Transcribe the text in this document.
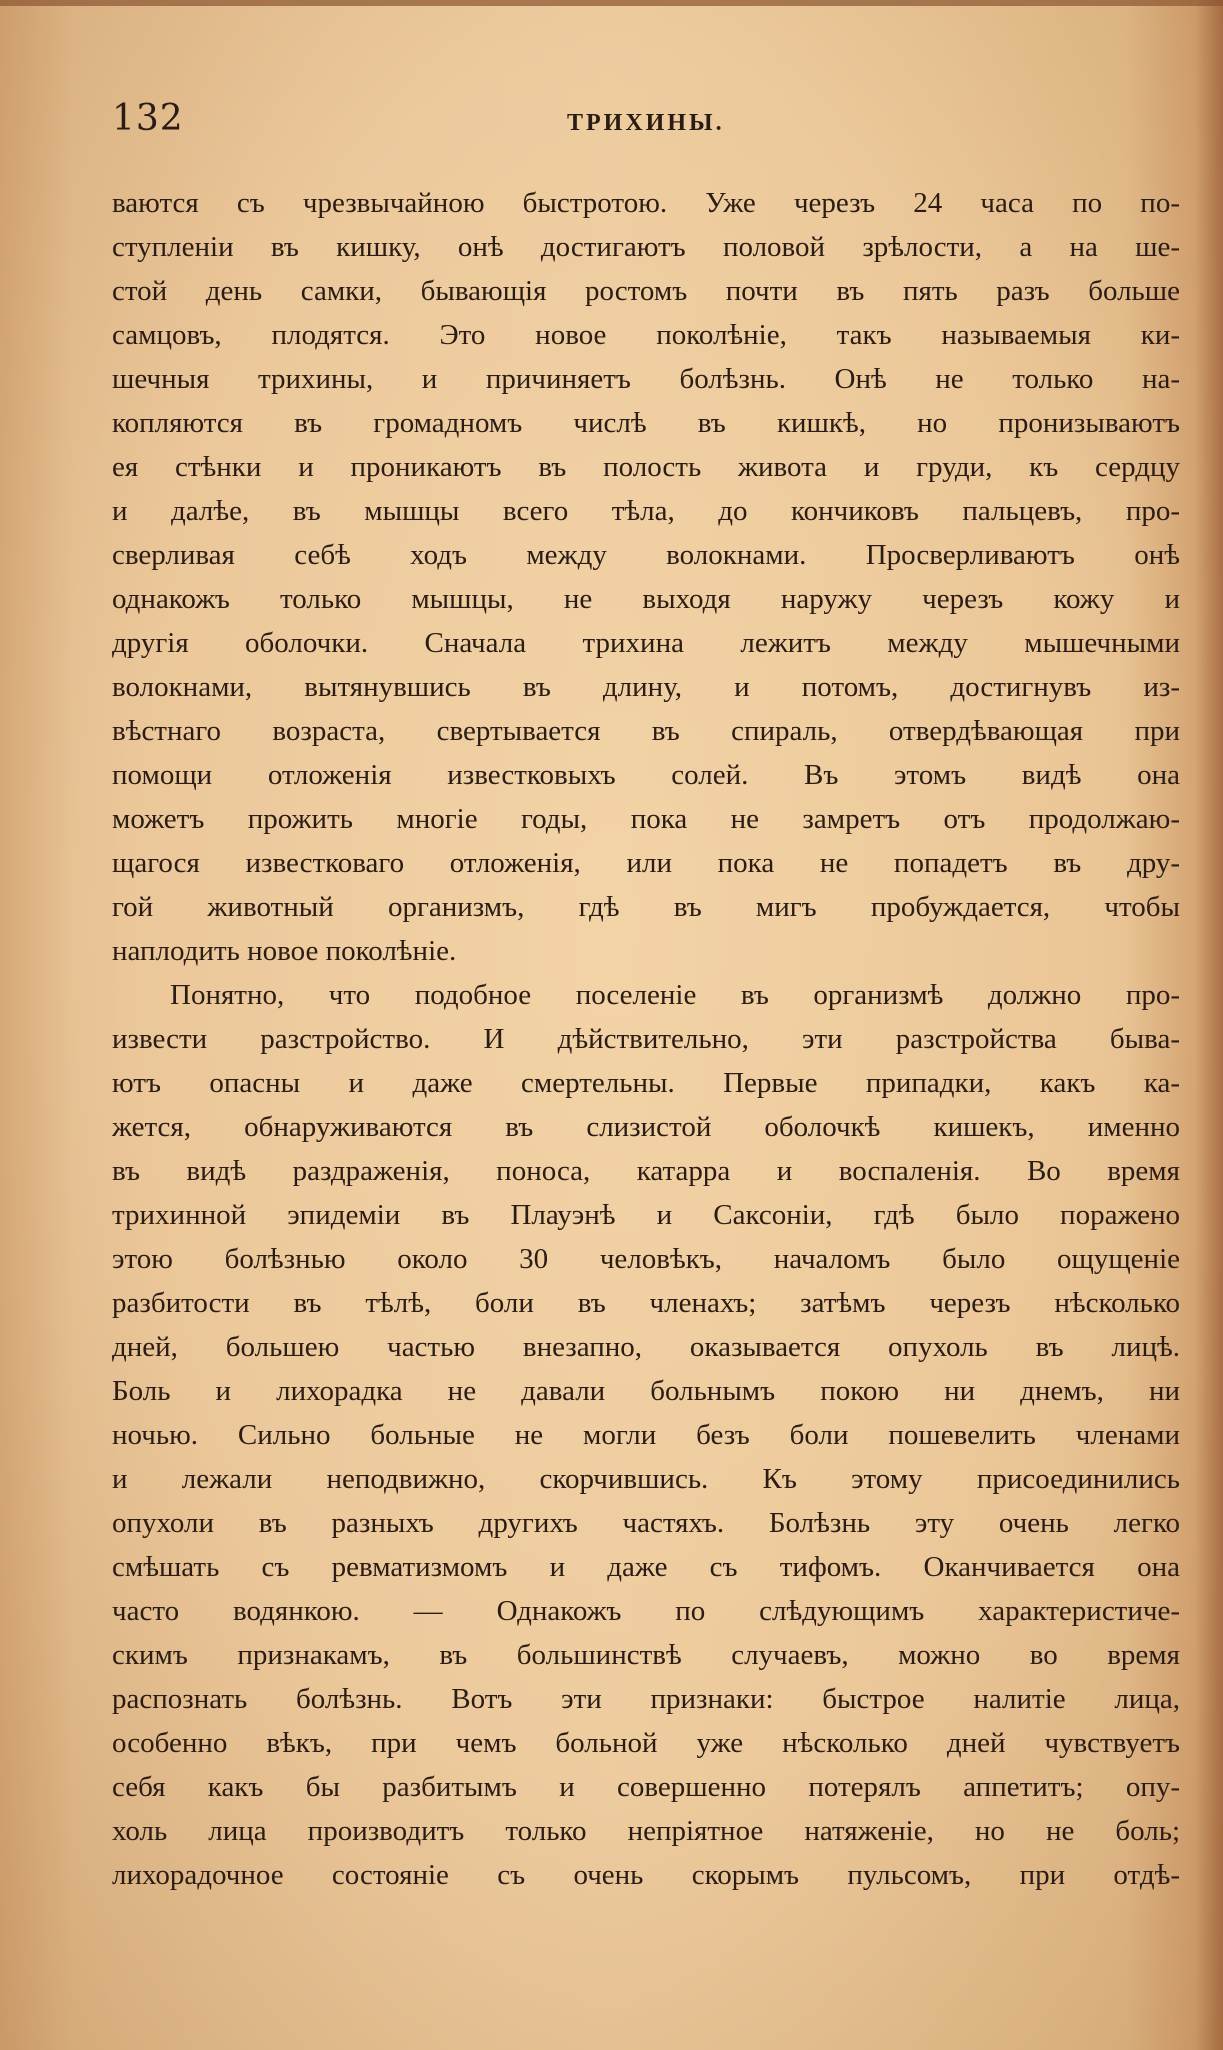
132	ТРИХИНЫ.
ваются съ чрезвычайною быстротою. Уже черезъ 24 часа по по-
ступленіи въ кишку, онѣ достигаютъ половой зрѣлости, а на ше-
стой день самки, бывающія ростомъ почти въ пять разъ больше
самцовъ, плодятся. Это новое поколѣніе, такъ называемыя ки-
шечныя трихины, и причиняетъ болѣзнь. Онѣ не только на-
копляются въ громадномъ числѣ въ кишкѣ, но пронизываютъ
ея стѣнки и проникаютъ въ полость живота и груди, къ сердцу
и далѣе, въ мышцы всего тѣла, до кончиковъ пальцевъ, про-
сверливая себѣ ходъ между волокнами. Просверливаютъ онѣ
однакожъ только мышцы, не выходя наружу черезъ кожу и
другія оболочки. Сначала трихина лежитъ между мышечными
волокнами, вытянувшись въ длину, и потомъ, достигнувъ из-
вѣстнаго возраста, свертывается въ спираль, отвердѣвающая при
помощи отложенія известковыхъ солей. Въ этомъ видѣ она
можетъ прожить многіе годы, пока не замретъ отъ продолжаю-
щагося известковаго отложенія, или пока не попадетъ въ дру-
гой животный организмъ, гдѣ въ мигъ пробуждается, чтобы
наплодить новое поколѣніе.
Понятно, что подобное поселеніе въ организмѣ должно про-
извести разстройство. И дѣйствительно, эти разстройства быва-
ютъ опасны и даже смертельны. Первые припадки, какъ ка-
жется, обнаруживаются въ слизистой оболочкѣ кишекъ, именно
въ видѣ раздраженія, поноса, катарра и воспаленія. Во время
трихинной эпидеміи въ Плауэнѣ и Саксоніи, гдѣ было поражено
этою болѣзнью около 30 человѣкъ, началомъ было ощущеніе
разбитости въ тѣлѣ, боли въ членахъ; затѣмъ черезъ нѣсколько
дней, большею частью внезапно, оказывается опухоль въ лицѣ.
Боль и лихорадка не давали больнымъ покою ни днемъ, ни
ночью. Сильно больные не могли безъ боли пошевелить членами
и лежали неподвижно, скорчившись. Къ этому присоединились
опухоли въ разныхъ другихъ частяхъ. Болѣзнь эту очень легко
смѣшать съ ревматизмомъ и даже съ тифомъ. Оканчивается она
часто водянкою. — Однакожъ по слѣдующимъ характеристиче-
скимъ признакамъ, въ большинствѣ случаевъ, можно во время
распознать болѣзнь. Вотъ эти признаки: быстрое налитіе лица,
особенно вѣкъ, при чемъ больной уже нѣсколько дней чувствуетъ
себя какъ бы разбитымъ и совершенно потерялъ аппетитъ; опу-
холь лица производитъ только непріятное натяженіе, но не боль;
лихорадочное состояніе съ очень скорымъ пульсомъ, при отдѣ-
